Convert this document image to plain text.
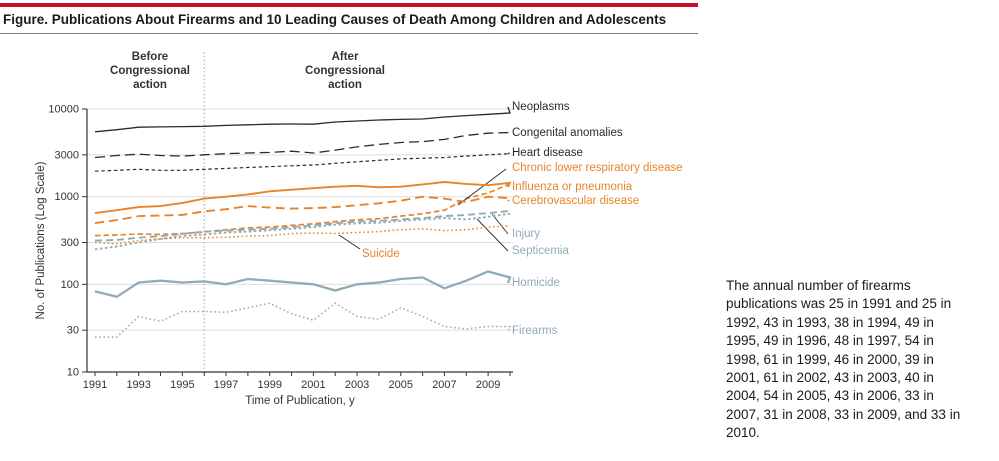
Figure. Publications About Firearms and 10 Leading Causes of Death Among Children and Adolescents
Before
Congressional
action
After
Congressional
action
10
30
100
300
1000
3000
10000
1991 1993 1995 1997 1999 2001 2003 2005 2007 2009
Time of Publication, y
No. of Publications (Log Scale)
Neoplasms
Congenital anomalies
Heart disease
Chronic lower respiratory disease
Influenza or pneumonia
Cerebrovascular disease
Injury
Septicemia
Suicide
Homicide
Firearms
The annual number of firearms publications was 25 in 1991 and 25 in 1992, 43 in 1993, 38 in 1994, 49 in 1995, 49 in 1996, 48 in 1997, 54 in 1998, 61 in 1999, 46 in 2000, 39 in 2001, 61 in 2002, 43 in 2003, 40 in 2004, 54 in 2005, 43 in 2006, 33 in 2007, 31 in 2008, 33 in 2009, and 33 in 2010.
